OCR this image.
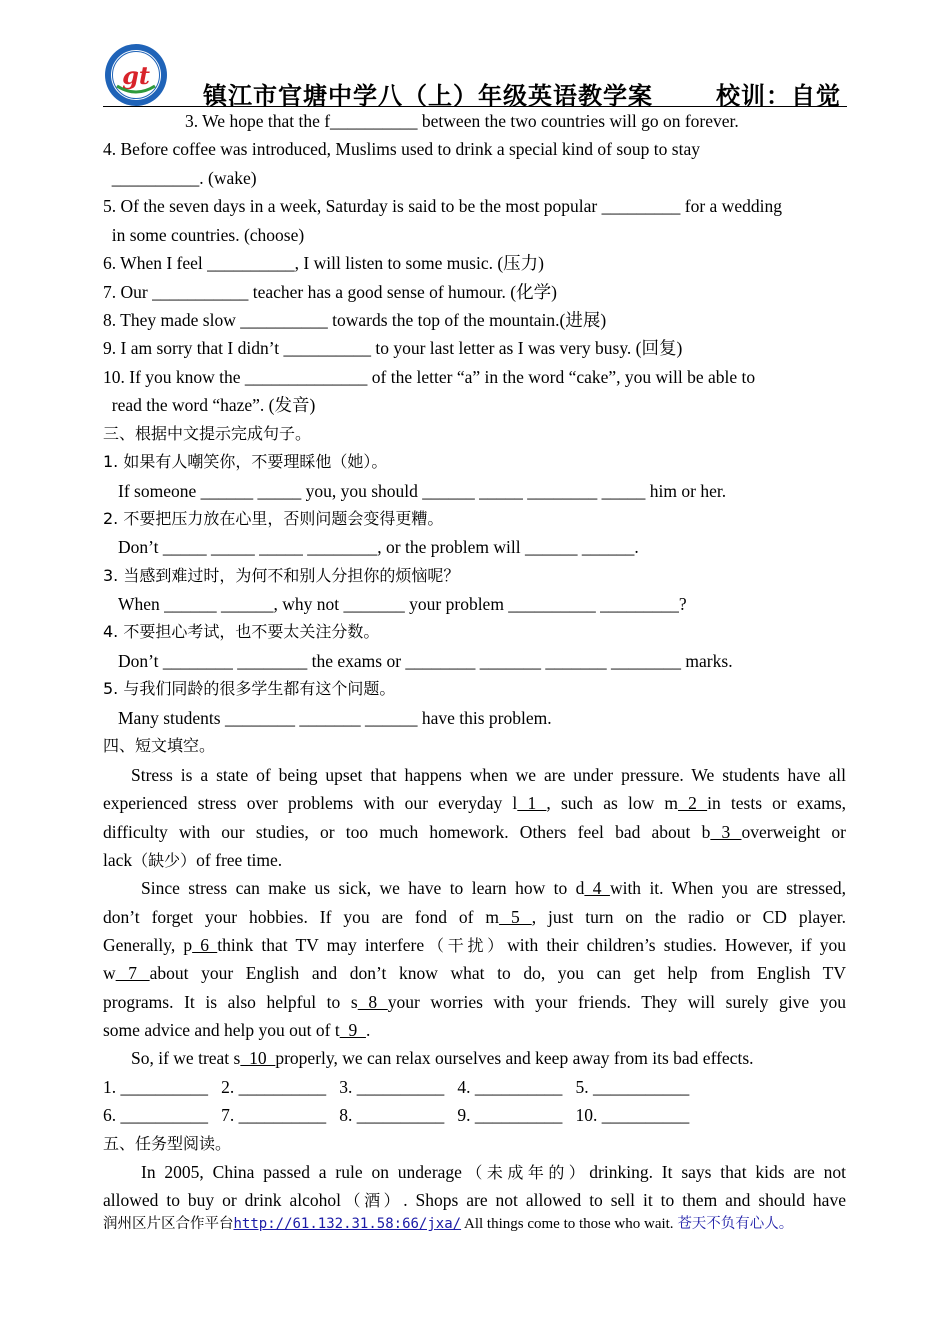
gt
镇江市官塘中学八（上）年级英语教学案	校训：自觉
3. We hope that the f__________ between the two countries will go on forever.
4. Before coffee was introduced, Muslims used to drink a special kind of soup to stay
__________. (wake)
5. Of the seven days in a week, Saturday is said to be the most popular _________ for a wedding
in some countries. (choose)
6. When I feel __________, I will listen to some music. (压力)
7. Our ___________ teacher has a good sense of humour. (化学)
8. They made slow __________ towards the top of the mountain.(进展)
9. I am sorry that I didn’t __________ to your last letter as I was very busy. (回复)
10. If you know the ______________ of the letter “a” in the word “cake”, you will be able to
read the word “haze”. (发音)
三、根据中文提示完成句子。
1. 如果有人嘲笑你，不要理睬他（她）。
If someone ______ _____ you, you should ______ _____ ________ _____ him or her.
2. 不要把压力放在心里，否则问题会变得更糟。
Don’t _____ _____ _____ ________, or the problem will ______ ______.
3. 当感到难过时，为何不和别人分担你的烦恼呢？
When ______ ______, why not _______ your problem __________ _________?
4. 不要担心考试，也不要太关注分数。
Don’t ________ ________ the exams or ________ _______ _______ ________ marks.
5. 与我们同龄的很多学生都有这个问题。
Many students ________ _______ ______ have this problem.
四、短文填空。
Stress is a state of being upset that happens when we are under pressure. We students have all
experienced stress over problems with our everyday l 1 , such as low m 2 in tests or exams,
difficulty with our studies, or too much homework. Others feel bad about b 3 overweight or
lack（缺少）of free time.
Since stress can make us sick, we have to learn how to d 4 with it. When you are stressed,
don’t forget your hobbies. If you are fond of m 5 , just turn on the radio or CD player.
Generally, p 6 think that TV may interfere（干扰）with their children’s studies. However, if you
w 7 about your English and don’t know what to do, you can get help from English TV
programs. It is also helpful to s 8 your worries with your friends. They will surely give you
some advice and help you out of t  9  .
So, if we treat s  10  properly, we can relax ourselves and keep away from its bad effects.
1. __________   2. __________   3. __________   4. __________   5. ___________
6. __________   7. __________   8. __________   9. __________   10. __________
五、任务型阅读。
In 2005, China passed a rule on underage（未成年的）drinking. It says that kids are not
allowed to buy or drink alcohol（酒）. Shops are not allowed to sell it to them and should have
润州区片区合作平台http://61.132.31.58:66/jxa/ All things come to those who wait. 苍天不负有心人。
